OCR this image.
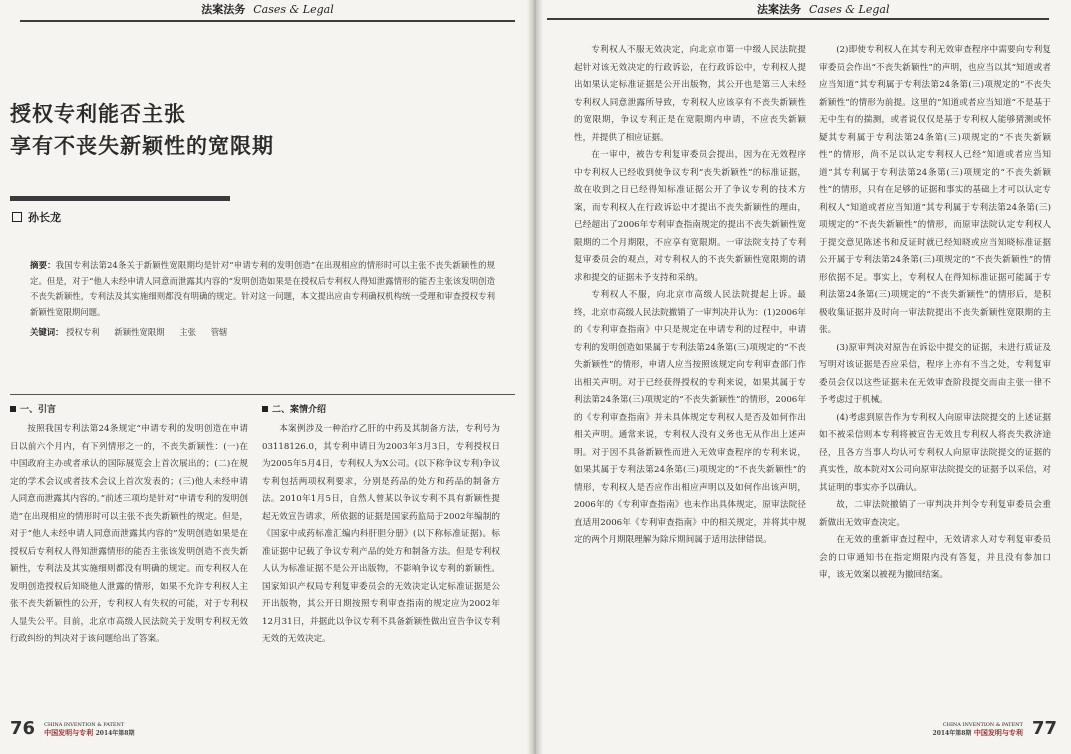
法案法务 Cases & Legal
授权专利能否主张
享有不丧失新颖性的宽限期
孙长龙
摘要：我国专利法第24条关于新颖性宽限期均是针对“申请专利的发明创造”在出现相应的情形时可以主张不丧失新颖性的规定。但是，对于“他人未经申请人同意而泄露其内容的”发明创造如果是在授权后专利权人得知泄露情形的能否主张该发明创造不丧失新颖性，专利法及其实施细则都没有明确的规定。针对这一问题，本文提出应由专利确权机构统一受理和审查授权专利新颖性宽限期问题。
关键词： 授权专利 新颖性宽限期 主张 管辖
一、引言

按照我国专利法第24条规定“申请专利的发明创造在申请日以前六个月内，有下列情形之一的，不丧失新颖性：(一)在中国政府主办或者承认的国际展览会上首次展出的；(二)在规定的学术会议或者技术会议上首次发表的；(三)他人未经申请人同意而泄露其内容的。”前述三项均是针对“申请专利的发明创造”在出现相应的情形时可以主张不丧失新颖性的规定。但是，对于“他人未经申请人同意而泄露其内容的”发明创造如果是在授权后专利权人得知泄露情形的能否主张该发明创造不丧失新颖性，专利法及其实施细则都没有明确的规定。而专利权人在发明创造授权后知晓他人泄露的情形，如果不允许专利权人主张不丧失新颖性的公开，专利权人有失权的可能，对于专利权人显失公平。目前，北京市高级人民法院关于发明专利权无效行政纠纷的判决对于该问题给出了答案。

二、案情介绍

本案例涉及一种治疗乙肝的中药及其制备方法，专利号为03118126.0，其专利申请日为2003年3月3日，专利授权日为2005年5月4日，专利权人为X公司。(以下称争议专利)争议专利包括两项权利要求，分别是药品的处方和药品的制备方法。2010年1月5日，自然人曾某以争议专利不具有新颖性提起无效宣告请求，所依据的证据是国家药监局于2002年编制的《国家中成药标准汇编内科肝胆分册》(以下称标准证据)。标准证据中记载了争议专利产品的处方和制备方法。但是专利权人认为标准证据不是公开出版物，不影响争议专利的新颖性。国家知识产权局专利复审委员会的无效决定认定标准证据是公开出版物，其公开日期按照专利审查指南的规定应为2002年12月31日，并据此以争议专利不具备新颖性做出宣告争议专利无效的无效决定。

76 CHINA INVENTION & PATENT
中国发明与专利 2014年第8期
法案法务 Cases & Legal

专利权人不服无效决定，向北京市第一中级人民法院提起针对该无效决定的行政诉讼，在行政诉讼中，专利权人提出如果认定标准证据是公开出版物，其公开也是第三人未经专利权人同意泄露所导致，专利权人应该享有不丧失新颖性的宽限期，争议专利正是在宽限期内申请，不应丧失新颖性，并提供了相应证据。

在一审中，被告专利复审委员会提出，因为在无效程序中专利权人已经收到使争议专利“丧失新颖性”的标准证据，故在收到之日已经得知标准证据公开了争议专利的技术方案，而专利权人在行政诉讼中才提出不丧失新颖性的理由，已经超出了2006年专利审查指南规定的提出不丧失新颖性宽限期的二个月期限，不应享有宽限期。一审法院支持了专利复审委员会的观点，对专利权人的不丧失新颖性宽限期的请求和提交的证据未予支持和采纳。

专利权人不服，向北京市高级人民法院提起上诉。最终，北京市高级人民法院撤销了一审判决并认为：(1)2006年的《专利审查指南》中只是规定在申请专利的过程中，申请专利的发明创造如果属于专利法第24条第(三)项规定的“不丧失新颖性”的情形，申请人应当按照该规定向专利审查部门作出相关声明。对于已经获得授权的专利来说，如果其属于专利法第24条第(三)项规定的“不丧失新颖性”的情形，2006年的《专利审查指南》并未具体规定专利权人是否及如何作出相关声明。通常来说，专利权人没有义务也无从作出上述声明。对于因不具备新颖性而进入无效审查程序的专利来说，如果其属于专利法第24条第(三)项规定的“不丧失新颖性”的情形，专利权人是否应作出相应声明以及如何作出该声明，2006年的《专利审查指南》也未作出具体规定，原审法院径直适用2006年《专利审查指南》中的相关规定，并将其中规定的两个月期限理解为除斥期间属于适用法律错误。

(2)即使专利权人在其专利无效审查程序中需要向专利复审委员会作出“不丧失新颖性”的声明，也应当以其“知道或者应当知道”其专利属于专利法第24条第(三)项规定的“不丧失新颖性”的情形为前提。这里的“知道或者应当知道”不是基于无中生有的揣测，或者说仅仅是基于专利权人能够猜测或怀疑其专利属于专利法第24条第(三)项规定的“不丧失新颖性”的情形，尚不足以认定专利权人已经“知道或者应当知道”其专利属于专利法第24条第(三)项规定的“不丧失新颖性”的情形，只有在足够的证据和事实的基础上才可以认定专利权人“知道或者应当知道”其专利属于专利法第24条第(三)项规定的“不丧失新颖性”的情形，而原审法院认定专利权人于提交意见陈述书和反证时就已经知晓或应当知晓标准证据公开属于专利法第24条第(三)项规定的“不丧失新颖性”的情形依据不足。事实上，专利权人在得知标准证据可能属于专利法第24条第(三)项规定的“不丧失新颖性”的情形后，是积极收集证据并及时向一审法院提出不丧失新颖性宽限期的主张。

(3)原审判决对原告在诉讼中提交的证据，未进行质证及写明对该证据是否应采信，程序上亦有不当之处，专利复审委员会仅以这些证据未在无效审查阶段提交而由主张一律不予考虑过于机械。

(4)考虑到原告作为专利权人向原审法院提交的上述证据如不被采信则本专利将被宣告无效且专利权人将丧失救济途径，且各方当事人均认可专利权人向原审法院提交的证据的真实性，故本院对X公司向原审法院提交的证据予以采信，对其证明的事实亦予以确认。

故，二审法院撤销了一审判决并判令专利复审委员会重新做出无效审查决定。

在无效的重新审查过程中，无效请求人对专利复审委员会的口审通知书在指定期限内没有答复，并且没有参加口审，该无效案以被视为撤回结案。

CHINA INVENTION & PATENT
2014年第8期 中国发明与专利 77
